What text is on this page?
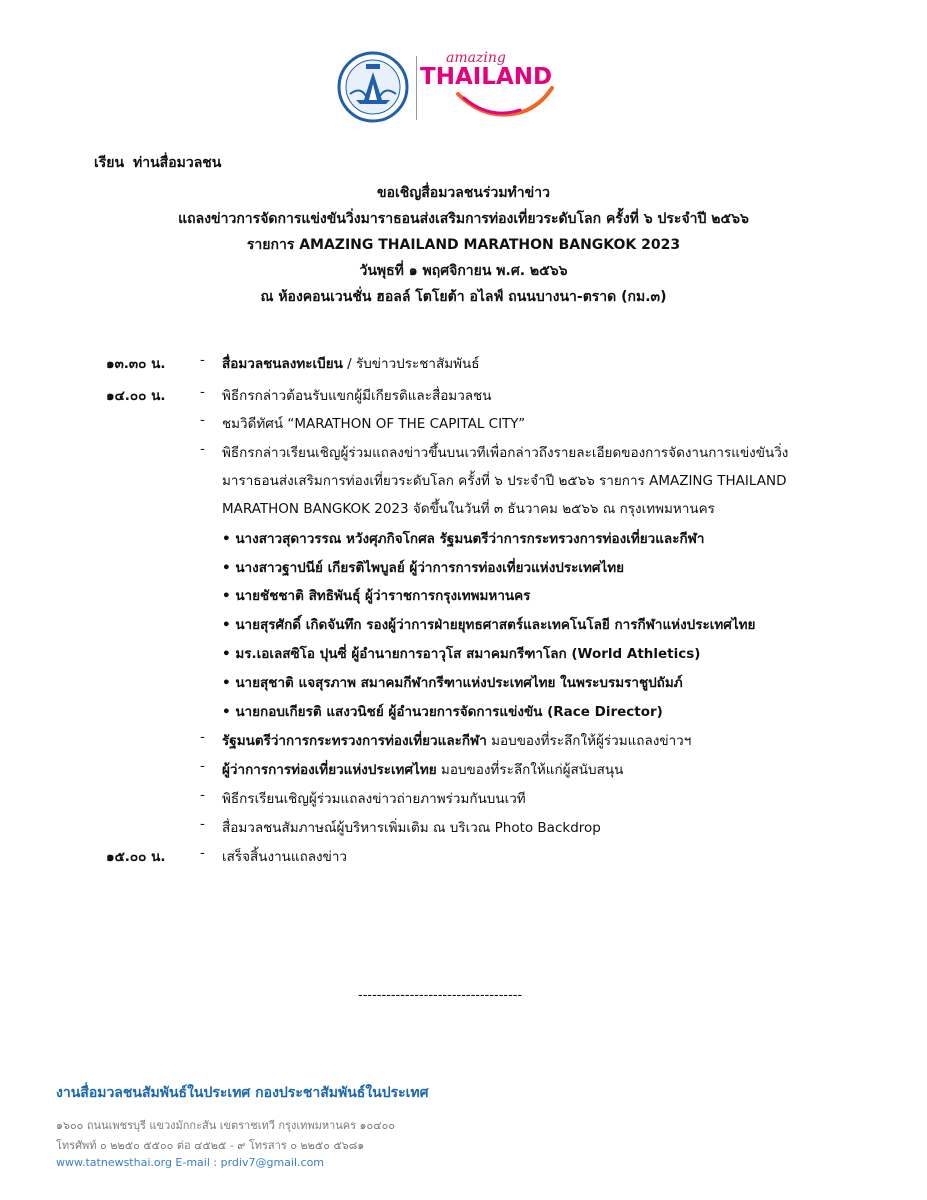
amazing
THAILAND
เรียน ท่านสื่อมวลชน
ขอเชิญสื่อมวลชนร่วมทำข่าว
แถลงข่าวการจัดการแข่งขันวิ่งมาราธอนส่งเสริมการท่องเที่ยวระดับโลก ครั้งที่ ๖ ประจำปี ๒๕๖๖
รายการ AMAZING THAILAND MARATHON BANGKOK 2023
วันพุธที่ ๑ พฤศจิกายน พ.ศ. ๒๕๖๖
ณ ห้องคอนเวนชั่น ฮอลล์ โตโยต้า อไลฟ์ ถนนบางนา-ตราด (กม.๓)
๑๓.๓๐ น.	- สื่อมวลชนลงทะเบียน / รับข่าวประชาสัมพันธ์
๑๔.๐๐ น.	- พิธีกรกล่าวต้อนรับแขกผู้มีเกียรติและสื่อมวลชน
- ชมวิดีทัศน์ “MARATHON OF THE CAPITAL CITY”
- พิธีกรกล่าวเรียนเชิญผู้ร่วมแถลงข่าวขึ้นบนเวทีเพื่อกล่าวถึงรายละเอียดของการจัดงานการแข่งขันวิ่ง
มาราธอนส่งเสริมการท่องเที่ยวระดับโลก ครั้งที่ ๖ ประจำปี ๒๕๖๖ รายการ AMAZING THAILAND
MARATHON BANGKOK 2023 จัดขึ้นในวันที่ ๓ ธันวาคม ๒๕๖๖ ณ กรุงเทพมหานคร
• นางสาวสุดาวรรณ หวังศุภกิจโกศล รัฐมนตรีว่าการกระทรวงการท่องเที่ยวและกีฬา
• นางสาวฐาปนีย์ เกียรติไพบูลย์ ผู้ว่าการการท่องเที่ยวแห่งประเทศไทย
• นายชัชชาติ สิทธิพันธุ์ ผู้ว่าราชการกรุงเทพมหานคร
• นายสุรศักดิ์ เกิดจันทึก รองผู้ว่าการฝ่ายยุทธศาสตร์และเทคโนโลยี การกีฬาแห่งประเทศไทย
• มร.เอเลสซิโอ ปุนซี่ ผู้อำนายการอาวุโส สมาคมกรีฑาโลก (World Athletics)
• นายสุชาติ แจสุรภาพ สมาคมกีฬากรีฑาแห่งประเทศไทย ในพระบรมราชูปถัมภ์
• นายกอบเกียรติ แสงวนิชย์ ผู้อำนวยการจัดการแข่งขัน (Race Director)
- รัฐมนตรีว่าการกระทรวงการท่องเที่ยวและกีฬา มอบของที่ระลึกให้ผู้ร่วมแถลงข่าวฯ
- ผู้ว่าการการท่องเที่ยวแห่งประเทศไทย มอบของที่ระลึกให้แก่ผู้สนับสนุน
- พิธีกรเรียนเชิญผู้ร่วมแถลงข่าวถ่ายภาพร่วมกันบนเวที
- สื่อมวลชนสัมภาษณ์ผู้บริหารเพิ่มเติม ณ บริเวณ Photo Backdrop
๑๕.๐๐ น.	- เสร็จสิ้นงานแถลงข่าว
-----------------------------------
งานสื่อมวลชนสัมพันธ์ในประเทศ กองประชาสัมพันธ์ในประเทศ
๑๖๐๐ ถนนเพชรบุรี แขวงมักกะสัน เขตราชเทวี กรุงเทพมหานคร ๑๐๔๐๐
โทรศัพท์ ๐ ๒๒๕๐ ๕๕๐๐ ต่อ ๔๕๒๕ - ๙ โทรสาร ๐ ๒๒๕๐ ๕๖๘๑
www.tatnewsthai.org E-mail : prdiv7@gmail.com
